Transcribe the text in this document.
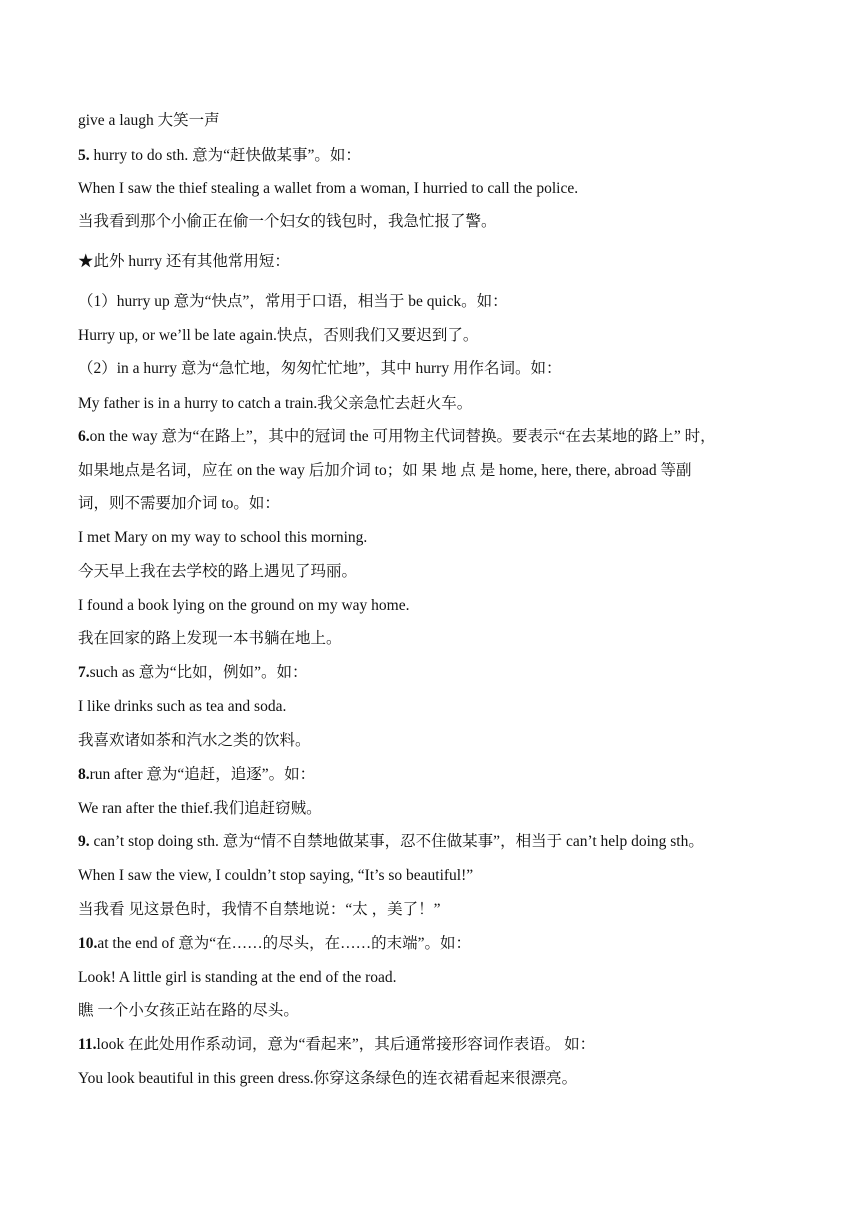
give a laugh 大笑一声
5. hurry to do sth. 意为“赶快做某事”。如：
When I saw the thief stealing a wallet from a woman, I hurried to call the police.
当我看到那个小偷正在偷一个妇女的钱包时，我急忙报了警。
★此外 hurry 还有其他常用短：
（1）hurry up 意为“快点”，常用于口语，相当于 be quick。如：
Hurry up, or we’ll be late again.快点，否则我们又要迟到了。
（2）in a hurry 意为“急忙地，匆匆忙忙地”，其中 hurry 用作名词。如：
My father is in a hurry to catch a train.我父亲急忙去赶火车。
6.on the way 意为“在路上”，其中的冠词 the 可用物主代词替换。要表示“在去某地的路上” 时，
如果地点是名词，应在 on the way 后加介词 to；如 果 地 点 是 home, here, there, abroad 等副
词，则不需要加介词 to。如：
I met Mary on my way to school this morning.
今天早上我在去学校的路上遇见了玛丽。
I found a book lying on the ground on my way home.
我在回家的路上发现一本书躺在地上。
7.such as 意为“比如，例如”。如：
I like drinks such as tea and soda.
我喜欢诸如茶和汽水之类的饮料。
8.run after 意为“追赶，追逐”。如：
We ran after the thief.我们追赶窃贼。
9. can’t stop doing sth. 意为“情不自禁地做某事，忍不住做某事”，相当于 can’t help doing sth。
When I saw the view, I couldn’t stop saying, “It’s so beautiful!”
当我看 见这景色时，我情不自禁地说：“太 ，美了！”
10.at the end of 意为“在……的尽头，在……的末端”。如：
Look! A little girl is standing at the end of the road.
瞧 一个小女孩正站在路的尽头。
11.look 在此处用作系动词，意为“看起来”，其后通常接形容词作表语。 如：
You look beautiful in this green dress.你穿这条绿色的连衣裙看起来很漂亮。
